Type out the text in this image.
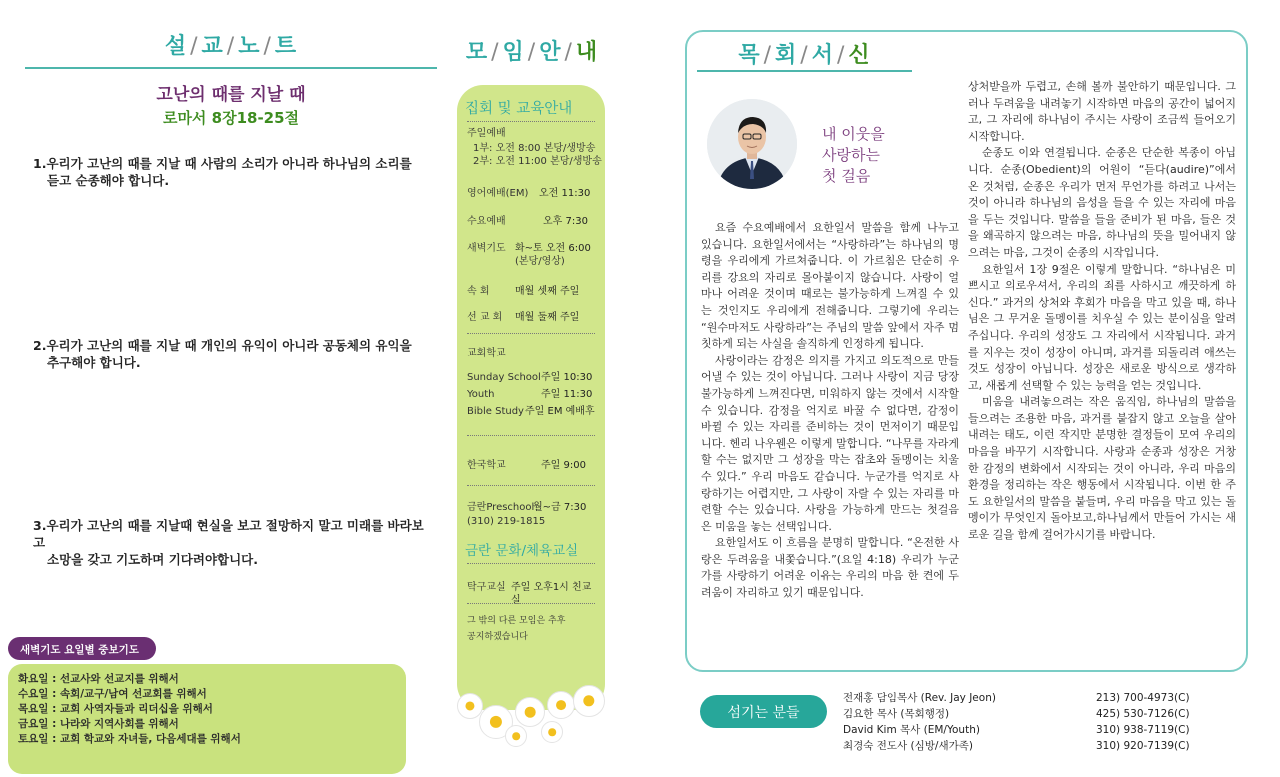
설 / 교 / 노 / 트
고난의 때를 지날 때
로마서 8장18-25절
1.우리가 고난의 때를 지날 때 사람의 소리가 아니라 하나님의 소리를
듣고 순종해야 합니다.
2.우리가 고난의 때를 지날 때 개인의 유익이 아니라 공동체의 유익을
추구해야 합니다.
3.우리가 고난의 때를 지날때 현실을 보고 절망하지 말고 미래를 바라보고
소망을 갖고 기도하며 기다려야합니다.
새벽기도 요일별 중보기도
화요일 : 선교사와 선교지를 위해서
수요일 : 속회/교구/남여 선교회를 위해서
목요일 : 교회 사역자들과 리더십을 위해서
금요일 : 나라와 지역사회를 위해서
토요일 : 교회 학교와 자녀들, 다음세대를 위해서
모 / 임 / 안 / 내
집회 및 교육안내
주일예배
1부: 오전 8:00 본당/생방송
2부: 오전 11:00 본당/생방송
영어예배(EM) 오전 11:30
수요예배	오후 7:30
새벽기도 화~토 오전 6:00
(본당/영상)
속 회	매월 셋째 주일
선 교 회 매월 둘째 주일
교회학교
Sunday School 주일 10:30
Youth	주일 11:30
Bible Study 주일 EM 예배후
한국학교	주일 9:00
금란Preschool
월~금 7:30
(310) 219-1815
금란 문화/체육교실
탁구교실 주일 오후1시 친교실
그 밖의 다른 모임은 추후
공지하겠습니다
목 / 회 / 서 / 신
내 이웃을
사랑하는
첫 걸음

요즘 수요예배에서 요한일서 말씀을 함께 나누고 있습니다. 요한일서에서는 “사랑하라”는 하나님의 명령을 우리에게 가르쳐줍니다. 이 가르침은 단순히 우리를 강요의 자리로 몰아붙이지 않습니다. 사랑이 얼마나 어려운 것이며 때로는 불가능하게 느껴질 수 있는 것인지도 우리에게 전해줍니다. 그렇기에 우리는 “원수마저도 사랑하라”는 주님의 말씀 앞에서 자주 멈칫하게 되는 사실을 솔직하게 인정하게 됩니다.

사랑이라는 감정은 의지를 가지고 의도적으로 만들어낼 수 있는 것이 아닙니다. 그러나 사랑이 지금 당장 불가능하게 느껴진다면, 미워하지 않는 것에서 시작할 수 있습니다. 감정을 억지로 바꿀 수 없다면, 감정이 바뀔 수 있는 자리를 준비하는 것이 먼저이기 때문입니다. 헨리 나우웬은 이렇게 말합니다. “나무를 자라게 할 수는 없지만 그 성장을 막는 잡초와 돌멩이는 치울 수 있다.” 우리 마음도 같습니다. 누군가를 억지로 사랑하기는 어렵지만, 그 사랑이 자랄 수 있는 자리를 마련할 수는 있습니다. 사랑을 가능하게 만드는 첫걸음은 미움을 놓는 선택입니다.

요한일서도 이 흐름을 분명히 말합니다. “온전한 사랑은 두려움을 내쫓습니다.”(요일 4:18) 우리가 누군가를 사랑하기 어려운 이유는 우리의 마음 한 켠에 두려움이 자리하고 있기 때문입니다.

상처받을까 두렵고, 손해 볼까 불안하기 때문입니다. 그러나 두려움을 내려놓기 시작하면 마음의 공간이 넓어지고, 그 자리에 하나님이 주시는 사랑이 조금씩 들어오기 시작합니다.

순종도 이와 연결됩니다. 순종은 단순한 복종이 아닙니다. 순종(Obedient)의 어원이 “듣다(audire)”에서 온 것처럼, 순종은 우리가 먼저 무언가를 하려고 나서는 것이 아니라 하나님의 음성을 들을 수 있는 자리에 마음을 두는 것입니다. 말씀을 들을 준비가 된 마음, 들은 것을 왜곡하지 않으려는 마음, 하나님의 뜻을 밀어내지 않으려는 마음, 그것이 순종의 시작입니다.

요한일서 1장 9절은 이렇게 말합니다. “하나님은 미쁘시고 의로우셔서, 우리의 죄를 사하시고 깨끗하게 하신다.” 과거의 상처와 후회가 마음을 막고 있을 때, 하나님은 그 무거운 돌멩이를 치우실 수 있는 분이심을 알려주십니다. 우리의 성장도 그 자리에서 시작됩니다. 과거를 지우는 것이 성장이 아니며, 과거를 되돌리려 애쓰는 것도 성장이 아닙니다. 성장은 새로운 방식으로 생각하고, 새롭게 선택할 수 있는 능력을 얻는 것입니다.

미움을 내려놓으려는 작은 움직임, 하나님의 말씀을 들으려는 조용한 마음, 과거를 붙잡지 않고 오늘을 살아내려는 태도, 이런 작지만 분명한 결정들이 모여 우리의 마음을 바꾸기 시작합니다. 사랑과 순종과 성장은 거창한 감정의 변화에서 시작되는 것이 아니라, 우리 마음의 환경을 정리하는 작은 행동에서 시작됩니다. 이번 한 주도 요한일서의 말씀을 붙들며, 우리 마음을 막고 있는 돌멩이가 무엇인지 돌아보고,하나님께서 만들어 가시는 새로운 길을 함께 걸어가시기를 바랍니다.

섬기는 분들
전재홍 담임목사 (Rev. Jay Jeon)	213) 700-4973(C)
김요한 목사 (목회행정)	425) 530-7126(C)
David Kim 목사 (EM/Youth)	310) 938-7119(C)
최경숙 전도사 (심방/새가족)	310) 920-7139(C)
